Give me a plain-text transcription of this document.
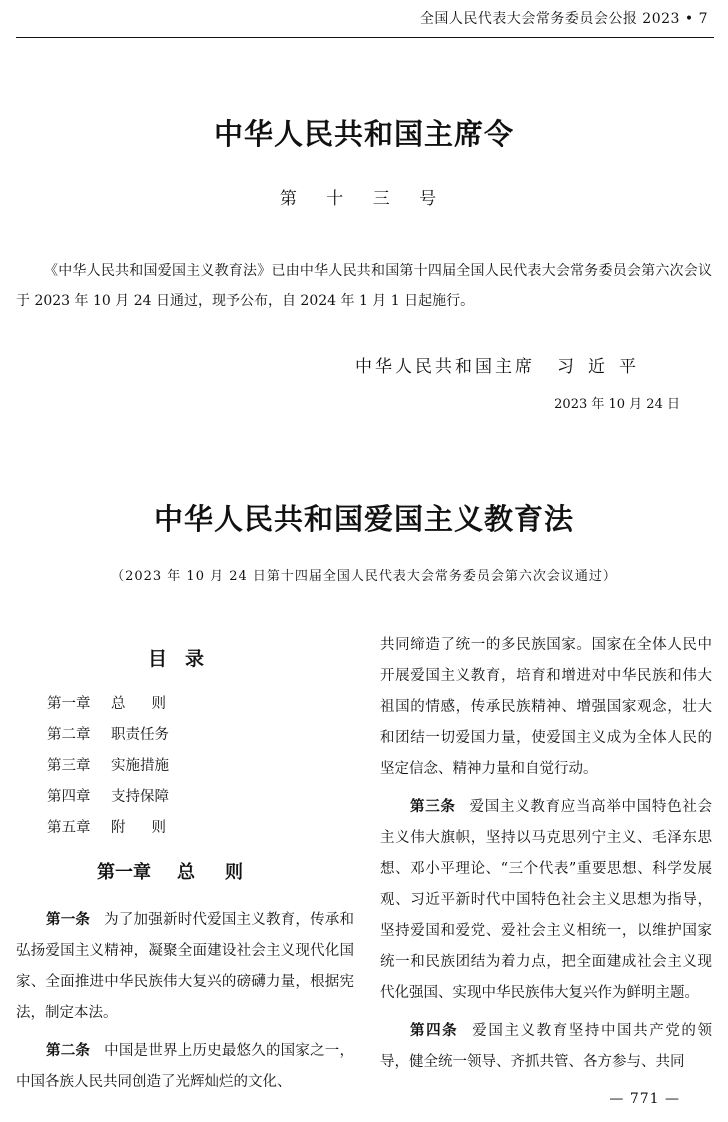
全国人民代表大会常务委员会公报 2023 • 7
中华人民共和国主席令
第 十 三 号
《中华人民共和国爱国主义教育法》已由中华人民共和国第十四届全国人民代表大会常务委员会第六次会议于 2023 年 10 月 24 日通过，现予公布，自 2024 年 1 月 1 日起施行。
中华人民共和国主席 习近平
2023 年 10 月 24 日
中华人民共和国爱国主义教育法
（2023 年 10 月 24 日第十四届全国人民代表大会常务委员会第六次会议通过）
目录
第一章 总则
第二章 职责任务
第三章 实施措施
第四章 支持保障
第五章 附则
第一章 总则

第一条 为了加强新时代爱国主义教育，传承和弘扬爱国主义精神，凝聚全面建设社会主义现代化国家、全面推进中华民族伟大复兴的磅礴力量，根据宪法，制定本法。

第二条 中国是世界上历史最悠久的国家之一，中国各族人民共同创造了光辉灿烂的文化、

共同缔造了统一的多民族国家。国家在全体人民中开展爱国主义教育，培育和增进对中华民族和伟大祖国的情感，传承民族精神、增强国家观念，壮大和团结一切爱国力量，使爱国主义成为全体人民的坚定信念、精神力量和自觉行动。

第三条 爱国主义教育应当高举中国特色社会主义伟大旗帜，坚持以马克思列宁主义、毛泽东思想、邓小平理论、“三个代表”重要思想、科学发展观、习近平新时代中国特色社会主义思想为指导，坚持爱国和爱党、爱社会主义相统一，以维护国家统一和民族团结为着力点，把全面建成社会主义现代化强国、实现中华民族伟大复兴作为鲜明主题。

第四条 爱国主义教育坚持中国共产党的领导，健全统一领导、齐抓共管、各方参与、共同

— 771 —
